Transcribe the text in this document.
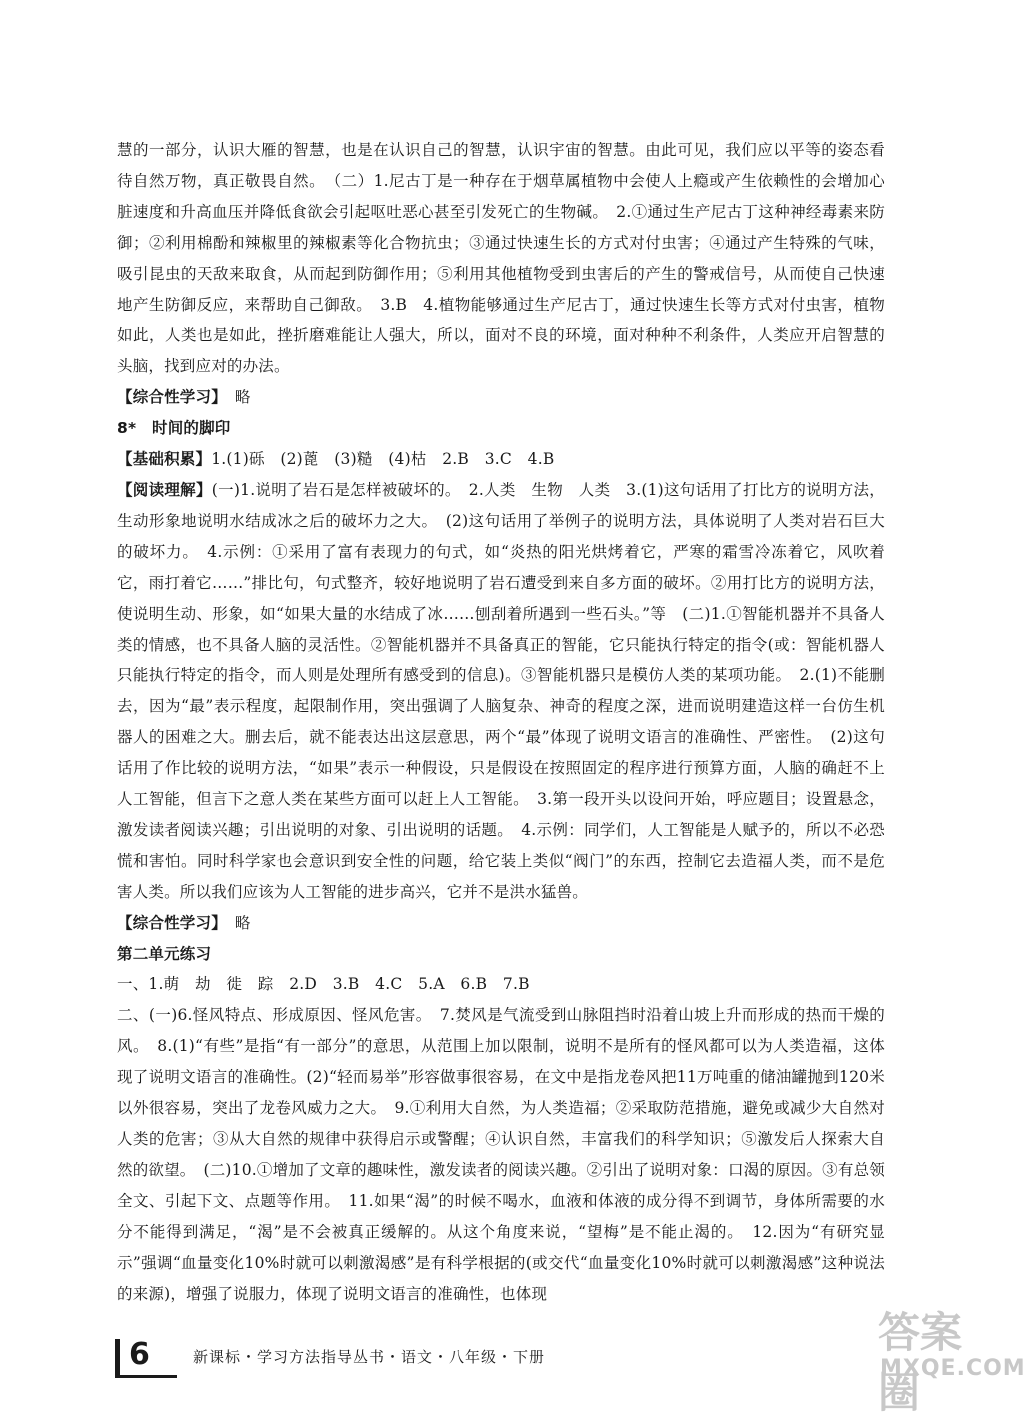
慧的一部分，认识大雁的智慧，也是在认识自己的智慧，认识宇宙的智慧。由此可见，我们应以平等的姿态看待自然万物，真正敬畏自然。　（二）1.尼古丁是一种存在于烟草属植物中会使人上瘾或产生依赖性的会增加心脏速度和升高血压并降低食欲会引起呕吐恶心甚至引发死亡的生物碱。　2.①通过生产尼古丁这种神经毒素来防御；②利用棉酚和辣椒里的辣椒素等化合物抗虫；③通过快速生长的方式对付虫害；④通过产生特殊的气味，吸引昆虫的天敌来取食，从而起到防御作用；⑤利用其他植物受到虫害后的产生的警戒信号，从而使自己快速地产生防御反应，来帮助自己御敌。　3.B　4.植物能够通过生产尼古丁，通过快速生长等方式对付虫害，植物如此，人类也是如此，挫折磨难能让人强大，所以，面对不良的环境，面对种种不利条件，人类应开启智慧的头脑，找到应对的办法。

【综合性学习】　略

8*　时间的脚印

【基础积累】1.(1)砾　(2)蓖　(3)糙　(4)枯　2.B　3.C　4.B

【阅读理解】(一)1.说明了岩石是怎样被破坏的。　2.人类　生物　人类　3.(1)这句话用了打比方的说明方法，生动形象地说明水结成冰之后的破坏力之大。　(2)这句话用了举例子的说明方法，具体说明了人类对岩石巨大的破坏力。　4.示例：①采用了富有表现力的句式，如“炎热的阳光烘烤着它，严寒的霜雪冷冻着它，风吹着它，雨打着它……”排比句，句式整齐，较好地说明了岩石遭受到来自多方面的破坏。②用打比方的说明方法，使说明生动、形象，如“如果大量的水结成了冰……刨刮着所遇到一些石头。”等　(二)1.①智能机器并不具备人类的情感，也不具备人脑的灵活性。②智能机器并不具备真正的智能，它只能执行特定的指令(或：智能机器人只能执行特定的指令，而人则是处理所有感受到的信息)。③智能机器只是模仿人类的某项功能。　2.(1)不能删去，因为“最”表示程度，起限制作用，突出强调了人脑复杂、神奇的程度之深，进而说明建造这样一台仿生机器人的困难之大。删去后，就不能表达出这层意思，两个“最”体现了说明文语言的准确性、严密性。　(2)这句话用了作比较的说明方法，“如果”表示一种假设，只是假设在按照固定的程序进行预算方面，人脑的确赶不上人工智能，但言下之意人类在某些方面可以赶上人工智能。　3.第一段开头以设问开始，呼应题目；设置悬念，激发读者阅读兴趣；引出说明的对象、引出说明的话题。　4.示例：同学们，人工智能是人赋予的，所以不必恐慌和害怕。同时科学家也会意识到安全性的问题，给它装上类似“阀门”的东西，控制它去造福人类，而不是危害人类。所以我们应该为人工智能的进步高兴，它并不是洪水猛兽。

【综合性学习】　略

第二单元练习

一、1.萌　劫　徙　踪　2.D　3.B　4.C　5.A　6.B　7.B

二、(一)6.怪风特点、形成原因、怪风危害。　7.焚风是气流受到山脉阻挡时沿着山坡上升而形成的热而干燥的风。　8.(1)“有些”是指“有一部分”的意思，从范围上加以限制，说明不是所有的怪风都可以为人类造福，这体现了说明文语言的准确性。(2)“轻而易举”形容做事很容易，在文中是指龙卷风把11万吨重的储油罐抛到120米以外很容易，突出了龙卷风威力之大。　9.①利用大自然，为人类造福；②采取防范措施，避免或减少大自然对人类的危害；③从大自然的规律中获得启示或警醒；④认识自然，丰富我们的科学知识；⑤激发后人探索大自然的欲望。　(二)10.①增加了文章的趣味性，激发读者的阅读兴趣。②引出了说明对象：口渴的原因。③有总领全文、引起下文、点题等作用。　11.如果“渴”的时候不喝水，血液和体液的成分得不到调节，身体所需要的水分不能得到满足，“渴”是不会被真正缓解的。从这个角度来说，“望梅”是不能止渴的。　12.因为“有研究显示”强调“血量变化10%时就可以刺激渴感”是有科学根据的(或交代“血量变化10%时就可以刺激渴感”这种说法的来源)，增强了说服力，体现了说明文语言的准确性，也体现

6	新课标・学习方法指导丛书・语文・八年级・下册	答案圈
MXQE.COM
